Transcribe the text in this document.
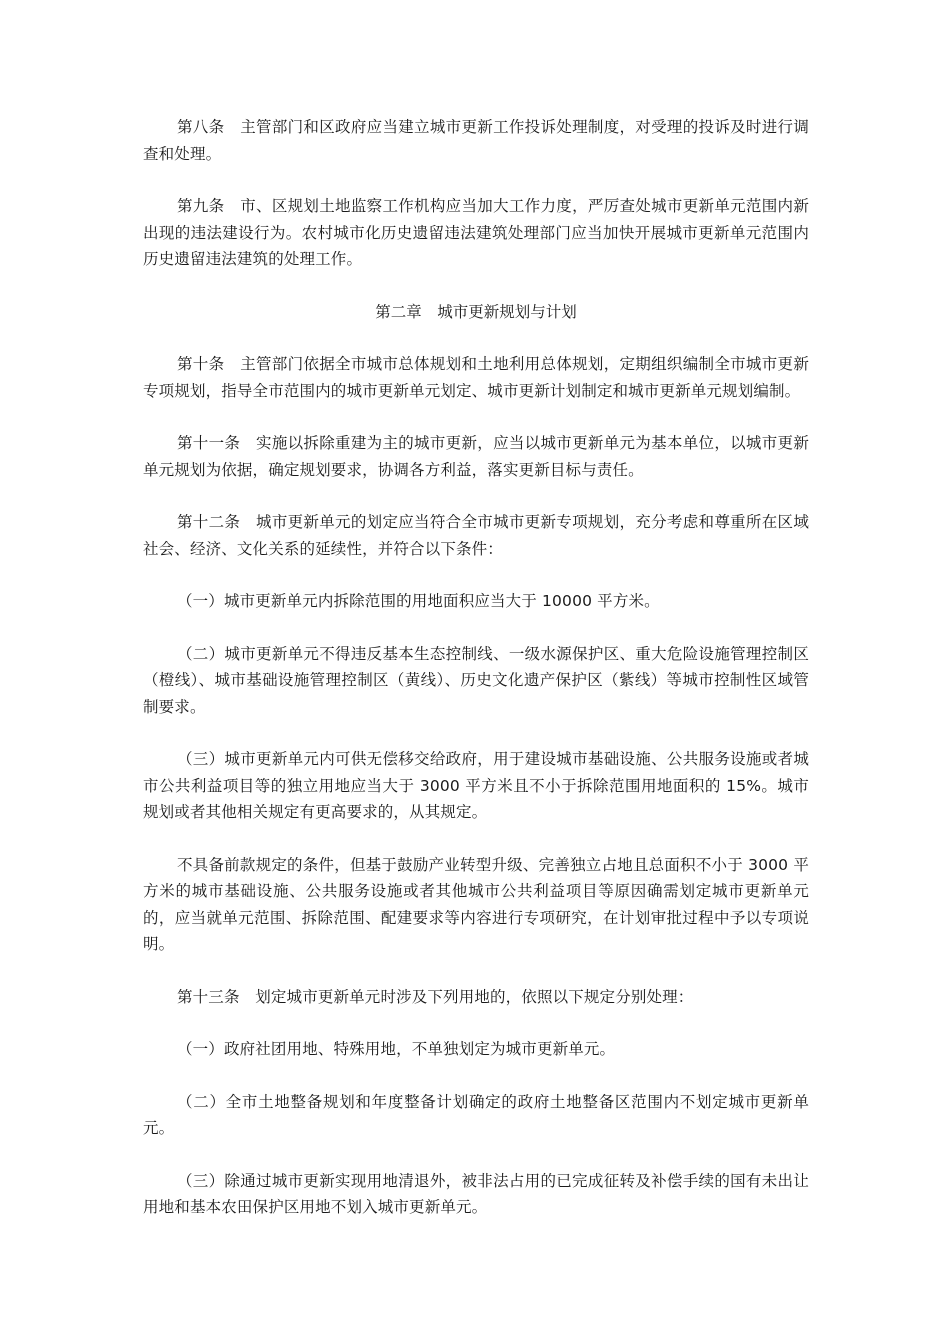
第八条　主管部门和区政府应当建立城市更新工作投诉处理制度，对受理的投诉及时进行调查和处理。

第九条　市、区规划土地监察工作机构应当加大工作力度，严厉查处城市更新单元范围内新出现的违法建设行为。农村城市化历史遗留违法建筑处理部门应当加快开展城市更新单元范围内历史遗留违法建筑的处理工作。

第二章　城市更新规划与计划

第十条　主管部门依据全市城市总体规划和土地利用总体规划，定期组织编制全市城市更新专项规划，指导全市范围内的城市更新单元划定、城市更新计划制定和城市更新单元规划编制。

第十一条　实施以拆除重建为主的城市更新，应当以城市更新单元为基本单位，以城市更新单元规划为依据，确定规划要求，协调各方利益，落实更新目标与责任。

第十二条　城市更新单元的划定应当符合全市城市更新专项规划，充分考虑和尊重所在区域社会、经济、文化关系的延续性，并符合以下条件：

（一）城市更新单元内拆除范围的用地面积应当大于 10000 平方米。

（二）城市更新单元不得违反基本生态控制线、一级水源保护区、重大危险设施管理控制区（橙线）、城市基础设施管理控制区（黄线）、历史文化遗产保护区（紫线）等城市控制性区域管制要求。

（三）城市更新单元内可供无偿移交给政府，用于建设城市基础设施、公共服务设施或者城市公共利益项目等的独立用地应当大于 3000 平方米且不小于拆除范围用地面积的 15%。城市规划或者其他相关规定有更高要求的，从其规定。

不具备前款规定的条件，但基于鼓励产业转型升级、完善独立占地且总面积不小于 3000 平方米的城市基础设施、公共服务设施或者其他城市公共利益项目等原因确需划定城市更新单元的，应当就单元范围、拆除范围、配建要求等内容进行专项研究，在计划审批过程中予以专项说明。

第十三条　划定城市更新单元时涉及下列用地的，依照以下规定分别处理：

（一）政府社团用地、特殊用地，不单独划定为城市更新单元。

（二）全市土地整备规划和年度整备计划确定的政府土地整备区范围内不划定城市更新单元。

（三）除通过城市更新实现用地清退外，被非法占用的已完成征转及补偿手续的国有未出让用地和基本农田保护区用地不划入城市更新单元。
